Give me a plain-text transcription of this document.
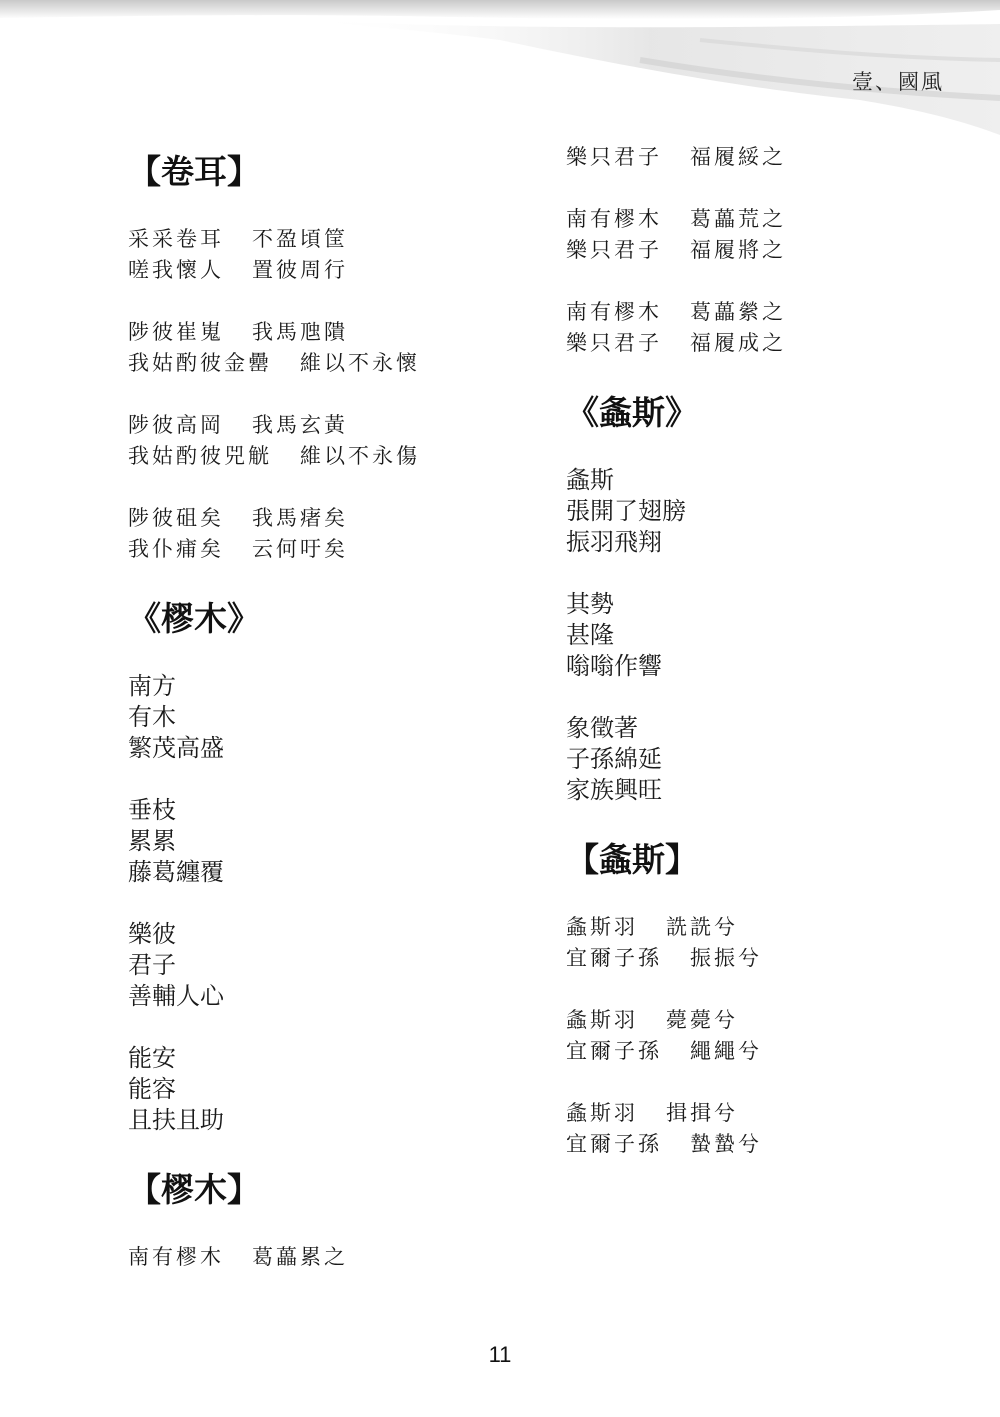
壹、國風
【卷耳】
采采卷耳 不盈頃筐
嗟我懷人 置彼周行
陟彼崔嵬 我馬虺隤
我姑酌彼金罍 維以不永懷
陟彼高岡 我馬玄黃
我姑酌彼兕觥 維以不永傷
陟彼砠矣 我馬瘏矣
我仆痡矣 云何吁矣
《樛木》
南方
有木
繁茂高盛
垂枝
累累
藤葛纏覆
樂彼
君子
善輔人心
能安
能容
且扶且助
【樛木】
南有樛木 葛藟累之
樂只君子 福履綏之
南有樛木 葛藟荒之
樂只君子 福履將之
南有樛木 葛藟縈之
樂只君子 福履成之
《螽斯》
螽斯
張開了翅膀
振羽飛翔
其勢
甚隆
嗡嗡作響
象徵著
子孫綿延
家族興旺
【螽斯】
螽斯羽 詵詵兮
宜爾子孫 振振兮
螽斯羽 薨薨兮
宜爾子孫 繩繩兮
螽斯羽 揖揖兮
宜爾子孫 蟄蟄兮
11
